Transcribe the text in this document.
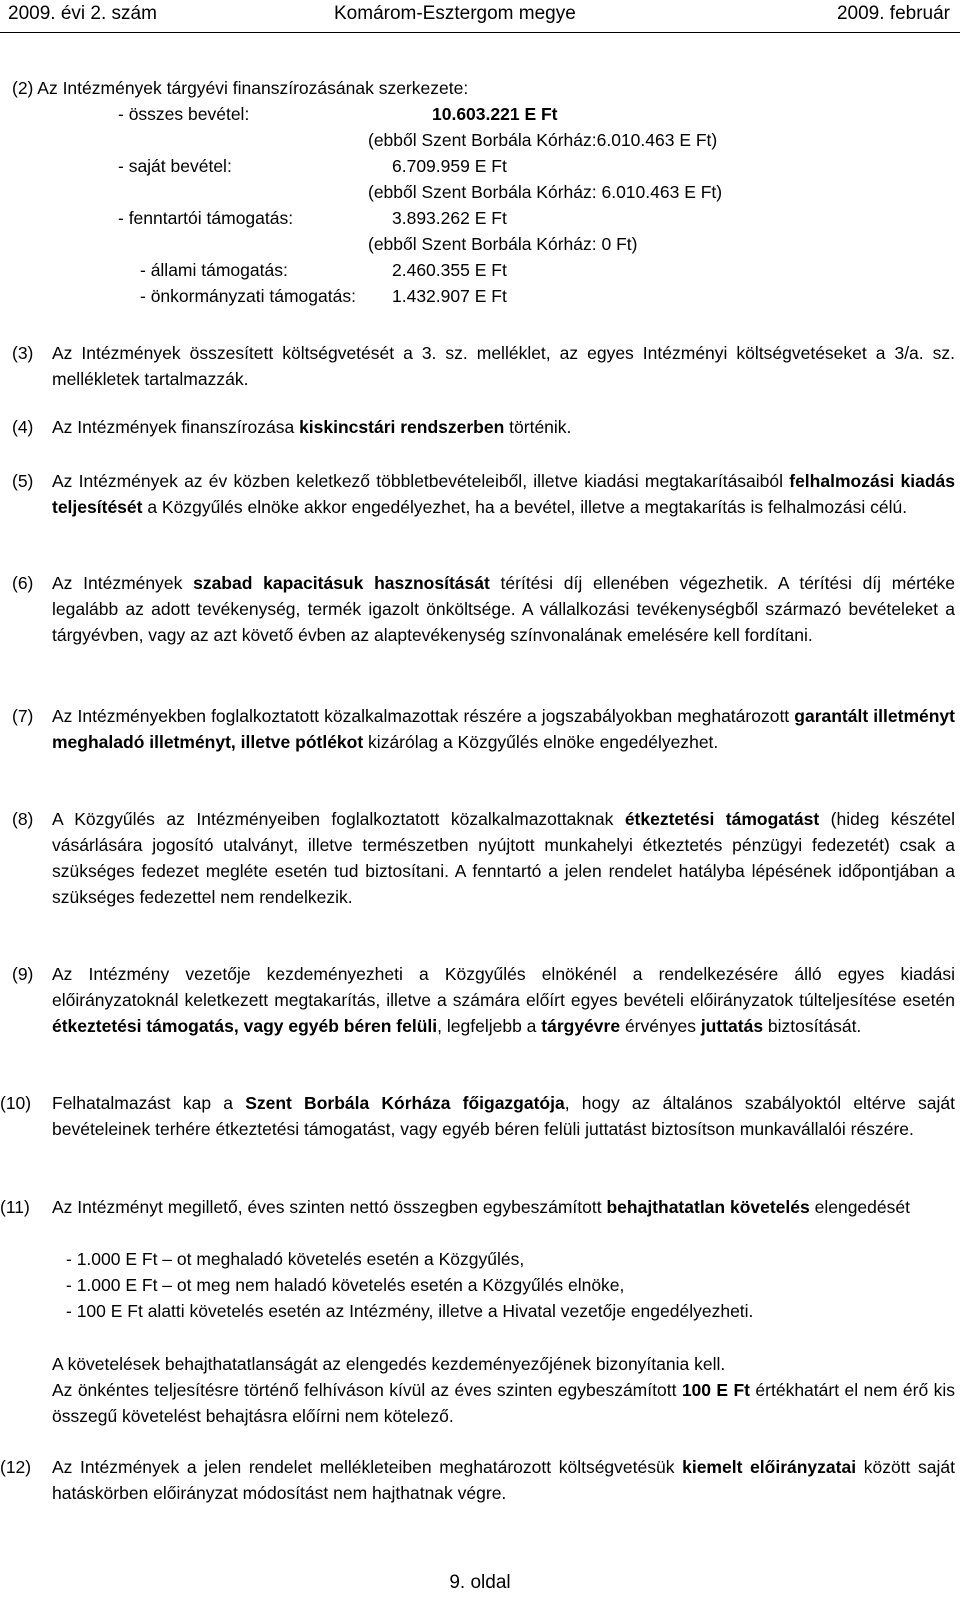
2009. évi 2. szám	Komárom-Esztergom megye	2009. február
(2) Az Intézmények tárgyévi finanszírozásának szerkezete:
- összes bevétel:	10.603.221 E Ft
(ebből Szent Borbála Kórház:6.010.463 E Ft)
- saját bevétel:	6.709.959 E Ft
(ebből Szent Borbála Kórház: 6.010.463 E Ft)
- fenntartói támogatás:	3.893.262 E Ft
(ebből Szent Borbála Kórház: 0 Ft)
- állami támogatás:	2.460.355 E Ft
- önkormányzati támogatás: 1.432.907 E Ft
(3) Az Intézmények összesített költségvetését a 3. sz. melléklet, az egyes Intézményi költségvetéseket a 3/a. sz. mellékletek tartalmazzák.
(4) Az Intézmények finanszírozása kiskincstári rendszerben történik.
(5) Az Intézmények az év közben keletkező többletbevételeiből, illetve kiadási megtakarításaiból felhalmozási kiadás teljesítését a Közgyűlés elnöke akkor engedélyezhet, ha a bevétel, illetve a megtakarítás is felhalmozási célú.
(6) Az Intézmények szabad kapacitásuk hasznosítását térítési díj ellenében végezhetik. A térítési díj mértéke legalább az adott tevékenység, termék igazolt önköltsége. A vállalkozási tevékenységből származó bevételeket a tárgyévben, vagy az azt követő évben az alaptevékenység színvonalának emelésére kell fordítani.
(7) Az Intézményekben foglalkoztatott közalkalmazottak részére a jogszabályokban meghatározott garantált illetményt meghaladó illetményt, illetve pótlékot kizárólag a Közgyűlés elnöke engedélyezhet.
(8) A Közgyűlés az Intézményeiben foglalkoztatott közalkalmazottaknak étkeztetési támogatást (hideg készétel vásárlására jogosító utalványt, illetve természetben nyújtott munkahelyi étkeztetés pénzügyi fedezetét) csak a szükséges fedezet megléte esetén tud biztosítani. A fenntartó a jelen rendelet hatályba lépésének időpontjában a szükséges fedezettel nem rendelkezik.
(9) Az Intézmény vezetője kezdeményezheti a Közgyűlés elnökénél a rendelkezésére álló egyes kiadási előirányzatoknál keletkezett megtakarítás, illetve a számára előírt egyes bevételi előirányzatok túlteljesítése esetén étkeztetési támogatás, vagy egyéb béren felüli, legfeljebb a tárgyévre érvényes juttatás biztosítását.
(10) Felhatalmazást kap a Szent Borbála Kórháza főigazgatója, hogy az általános szabályoktól eltérve saját bevételeinek terhére étkeztetési támogatást, vagy egyéb béren felüli juttatást biztosítson munkavállalói részére.
(11) Az Intézményt megillető, éves szinten nettó összegben egybeszámított behajthatatlan követelés elengedését
- 1.000 E Ft – ot meghaladó követelés esetén a Közgyűlés,
- 1.000 E Ft – ot meg nem haladó követelés esetén a Közgyűlés elnöke,
- 100 E Ft alatti követelés esetén az Intézmény, illetve a Hivatal vezetője engedélyezheti.
A követelések behajthatatlanságát az elengedés kezdeményezőjének bizonyítania kell.
Az önkéntes teljesítésre történő felhíváson kívül az éves szinten egybeszámított 100 E Ft értékhatárt el nem érő kis összegű követelést behajtásra előírni nem kötelező.
(12) Az Intézmények a jelen rendelet mellékleteiben meghatározott költségvetésük kiemelt előirányzatai között saját hatáskörben előirányzat módosítást nem hajthatnak végre.
9. oldal
